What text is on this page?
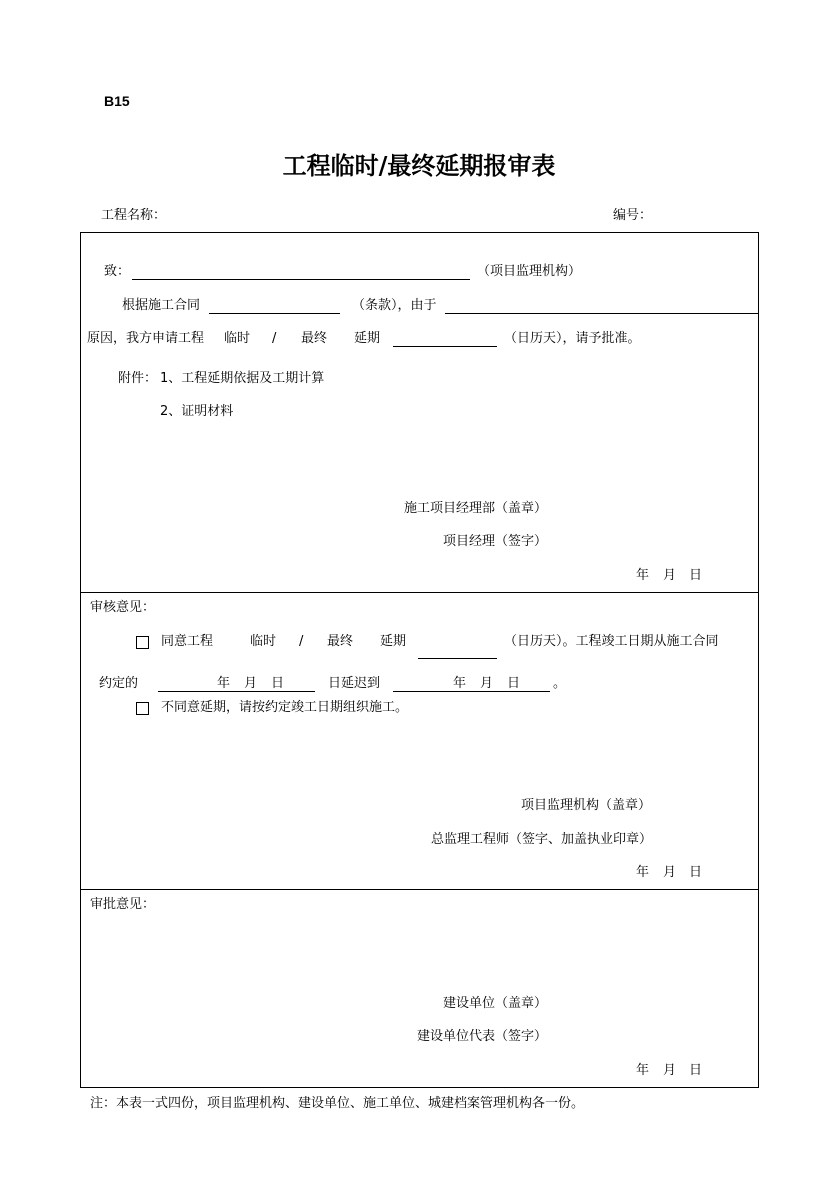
B15
工程临时/最终延期报审表
工程名称：	编号：
致：	（项目监理机构）
根据施工合同	（条款），由于
原因，我方申请工程 临时 / 最终 延期	（日历天），请予批准。
附件： 1、工程延期依据及工期计算
2、证明材料
施工项目经理部（盖章）
项目经理（签字）
年 月 日
审核意见：
同意工程	临时 / 最终 延期	（日历天）。工程竣工日期从施工合同
约定的	年 月 日	日延迟到	年 月 日	。
不同意延期，请按约定竣工日期组织施工。
项目监理机构（盖章）
总监理工程师（签字、加盖执业印章）
年 月 日
审批意见：
建设单位（盖章）
建设单位代表（签字）
年 月 日
注：本表一式四份，项目监理机构、建设单位、施工单位、城建档案管理机构各一份。
